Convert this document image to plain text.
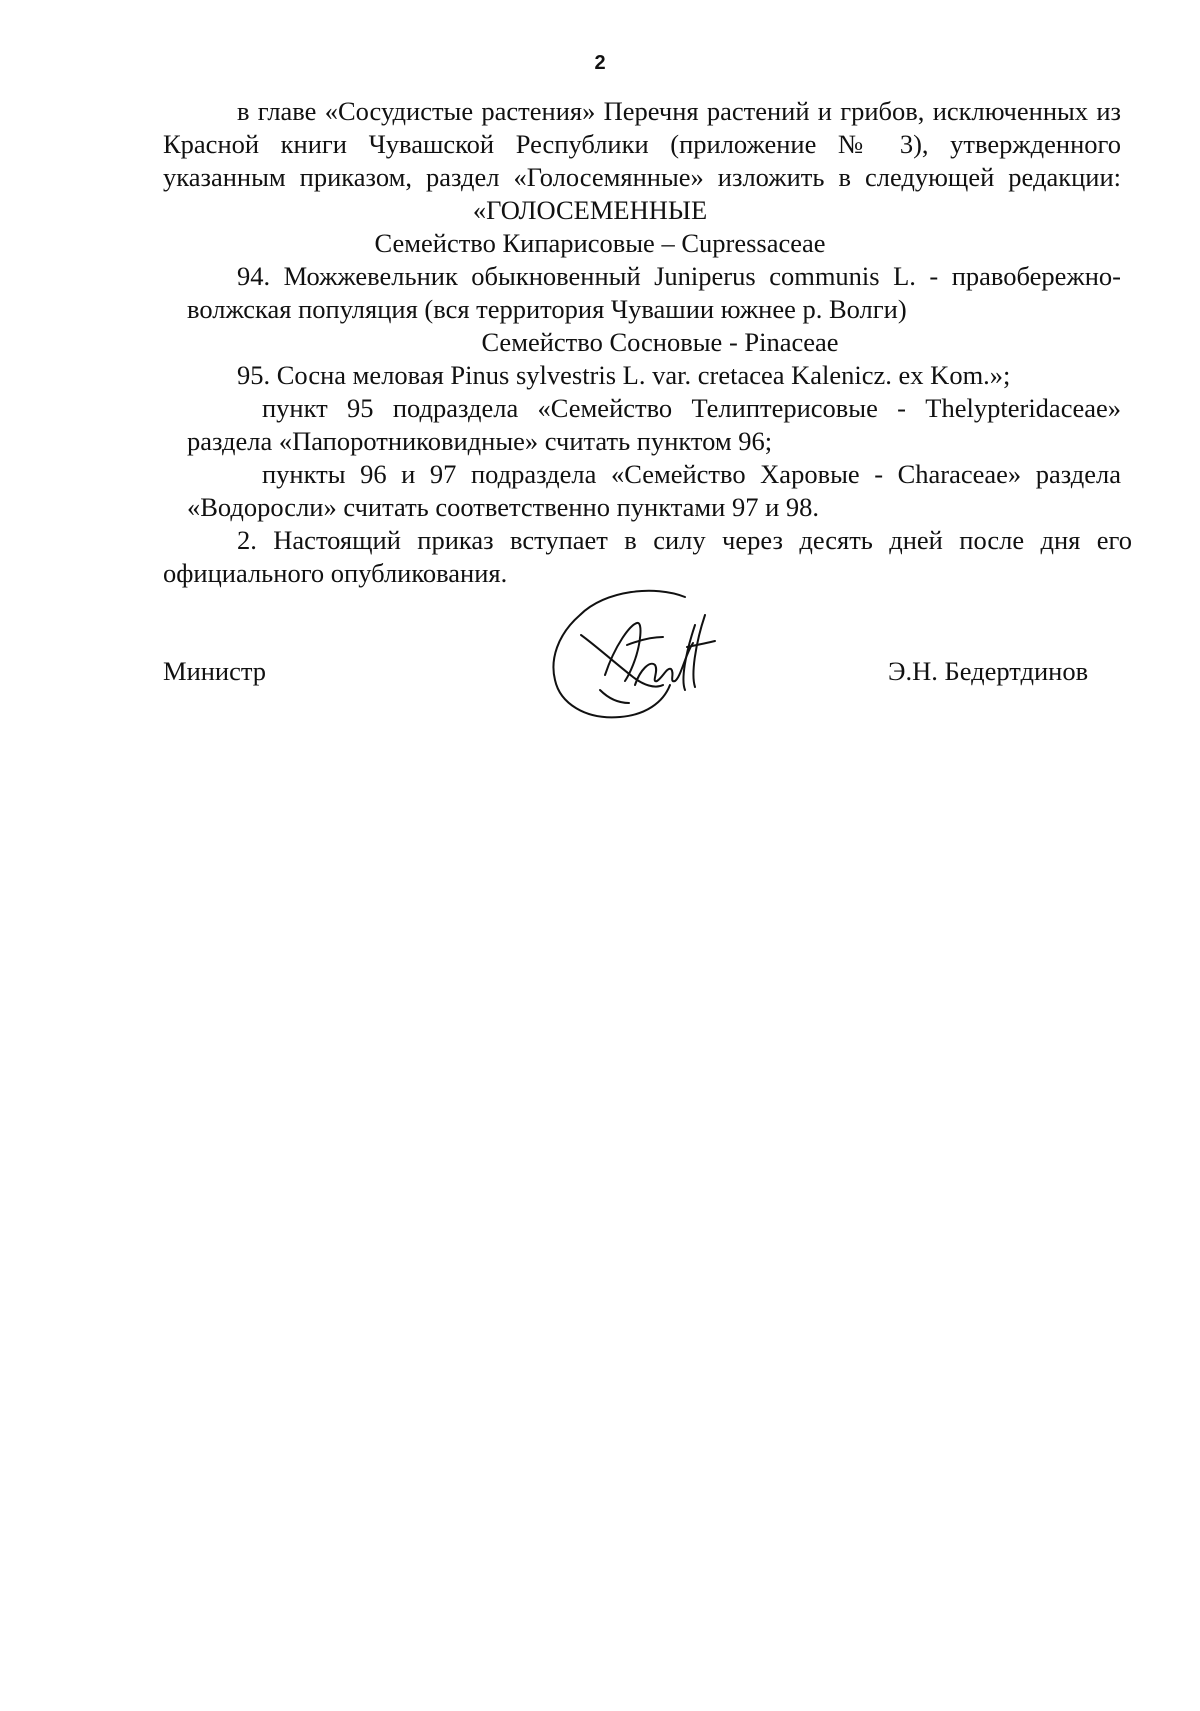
2
в главе «Сосудистые растения» Перечня растений и грибов, исключенных из
Красной книги Чувашской Республики (приложение № 3), утвержденного
указанным приказом, раздел «Голосемянные» изложить в следующей редакции:
«ГОЛОСЕМЕННЫЕ
Семейство Кипарисовые – Cupressaceae
94. Можжевельник обыкновенный Juniperus communis L. - правобережно-
волжская популяция (вся территория Чувашии южнее р. Волги)
Семейство Сосновые - Pinaceae
95. Сосна меловая Pinus sylvestris L. var. cretacea Kalenicz. ex Kom.»;
пункт 95 подраздела «Семейство Телиптерисовые - Thelypteridaceae»
раздела «Папоротниковидные» считать пунктом 96;
пункты 96 и 97 подраздела «Семейство Харовые - Characeae» раздела
«Водоросли» считать соответственно пунктами 97 и 98.
2. Настоящий приказ вступает в силу через десять дней после дня его
официального опубликования.
Министр	Э.Н. Бедертдинов
